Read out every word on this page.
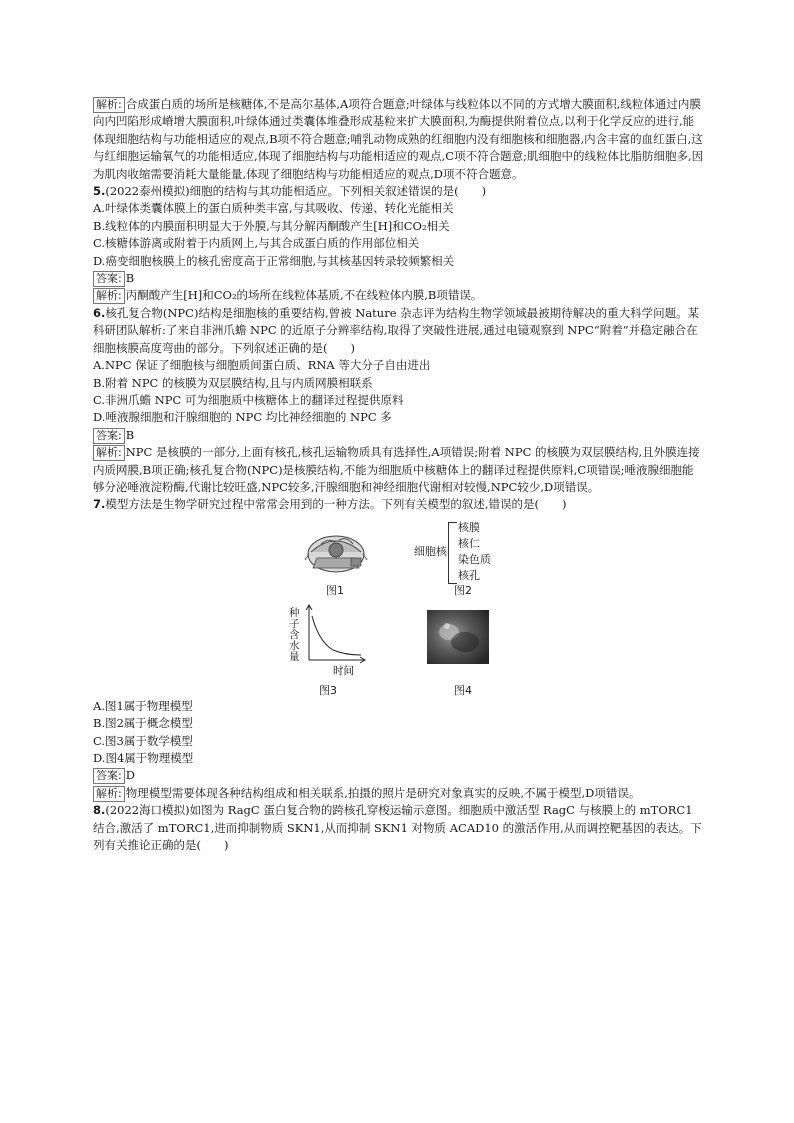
解析: 合成蛋白质的场所是核糖体,不是高尔基体,A项符合题意;叶绿体与线粒体以不同的方式增大膜面积,线粒体通过内膜向内凹陷形成嵴增大膜面积,叶绿体通过类囊体堆叠形成基粒来扩大膜面积,为酶提供附着位点,以利于化学反应的进行,能体现细胞结构与功能相适应的观点,B项不符合题意;哺乳动物成熟的红细胞内没有细胞核和细胞器,内含丰富的血红蛋白,这与红细胞运输氧气的功能相适应,体现了细胞结构与功能相适应的观点,C项不符合题意;肌细胞中的线粒体比脂肪细胞多,因为肌肉收缩需要消耗大量能量,体现了细胞结构与功能相适应的观点,D项不符合题意。

5.(2022泰州模拟)细胞的结构与其功能相适应。下列相关叙述错误的是(　　)

A.叶绿体类囊体膜上的蛋白质种类丰富,与其吸收、传递、转化光能相关

B.线粒体的内膜面积明显大于外膜,与其分解丙酮酸产生[H]和CO₂相关

C.核糖体游离或附着于内质网上,与其合成蛋白质的作用部位相关

D.癌变细胞核膜上的核孔密度高于正常细胞,与其核基因转录较频繁相关

答案: B

解析: 丙酮酸产生[H]和CO₂的场所在线粒体基质,不在线粒体内膜,B项错误。

6.核孔复合物(NPC)结构是细胞核的重要结构,曾被 Nature 杂志评为结构生物学领域最被期待解决的重大科学问题。某科研团队解析:了来自非洲爪蟾 NPC 的近原子分辨率结构,取得了突破性进展,通过电镜观察到 NPC“附着”并稳定融合在细胞核膜高度弯曲的部分。下列叙述正确的是(　　)

A.NPC 保证了细胞核与细胞质间蛋白质、RNA 等大分子自由进出

B.附着 NPC 的核膜为双层膜结构,且与内质网膜相联系

C.非洲爪蟾 NPC 可为细胞质中核糖体上的翻译过程提供原料

D.唾液腺细胞和汗腺细胞的 NPC 均比神经细胞的 NPC 多

答案: B

解析: NPC 是核膜的一部分,上面有核孔,核孔运输物质具有选择性,A项错误;附着 NPC 的核膜为双层膜结构,且外膜连接内质网膜,B项正确;核孔复合物(NPC)是核膜结构,不能为细胞质中核糖体上的翻译过程提供原料,C项错误;唾液腺细胞能够分泌唾液淀粉酶,代谢比较旺盛,NPC较多,汗腺细胞和神经细胞代谢相对较慢,NPC较少,D项错误。

7.模型方法是生物学研究过程中常常会用到的一种方法。下列有关模型的叙述,错误的是(　　)

图1
细胞核
核膜
核仁
染色质
核孔
图2
时间
种子含水量
图3	图4

A.图1属于物理模型

B.图2属于概念模型

C.图3属于数学模型

D.图4属于物理模型

答案: D

解析: 物理模型需要体现各种结构组成和相关联系,拍摄的照片是研究对象真实的反映,不属于模型,D项错误。

8.(2022海口模拟)如图为 RagC 蛋白复合物的跨核孔穿梭运输示意图。细胞质中激活型 RagC 与核膜上的 mTORC1 结合,激活了 mTORC1,进而抑制物质 SKN1,从而抑制 SKN1 对物质 ACAD10 的激活作用,从而调控靶基因的表达。下列有关推论正确的是(　　)
